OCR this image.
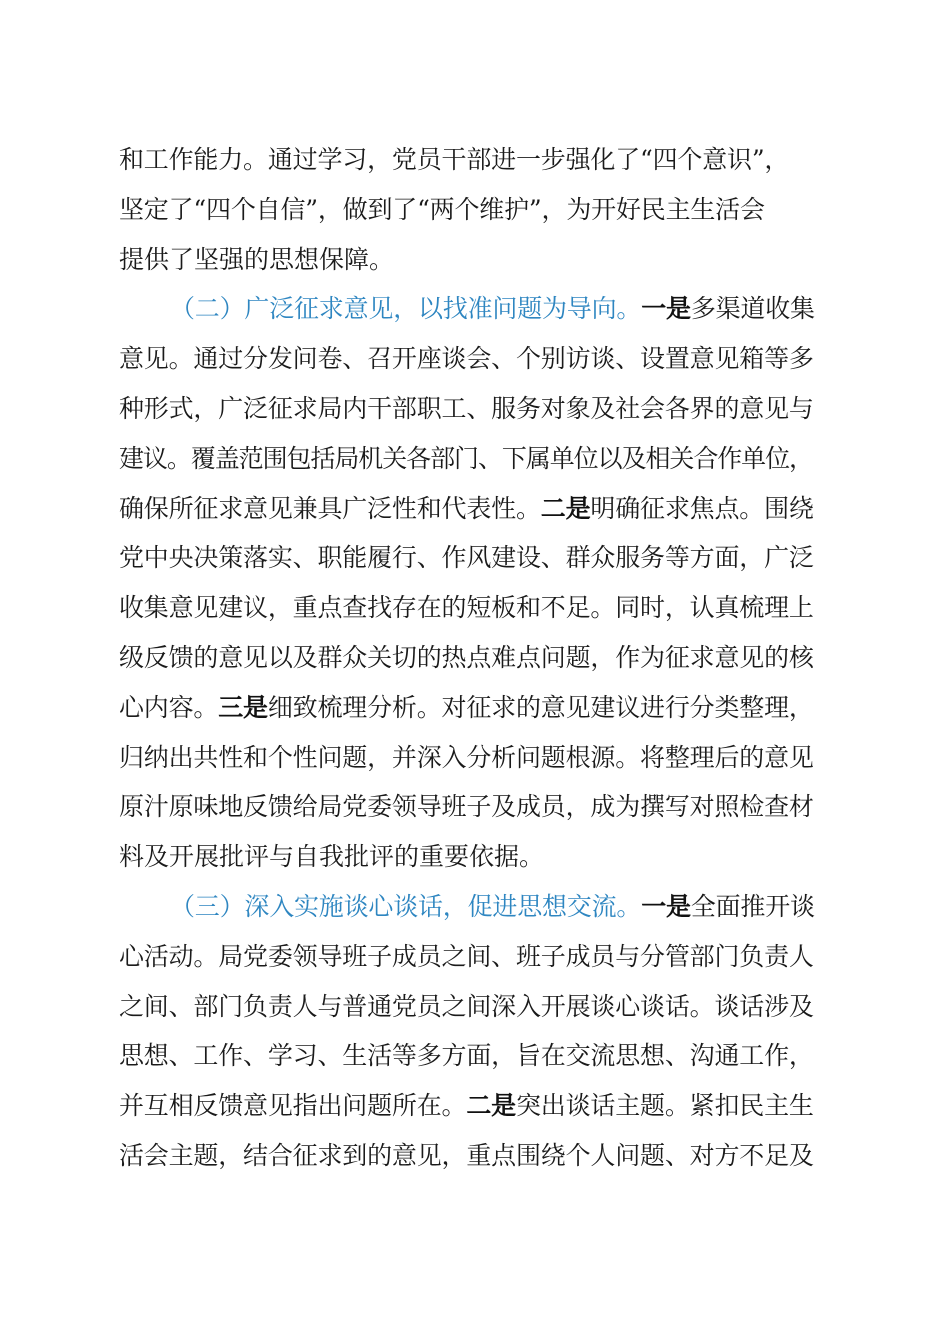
和工作能力。通过学习，党员干部进一步强化了“四个意识”，
坚定了“四个自信”，做到了“两个维护”，为开好民主生活会
提供了坚强的思想保障。
（二）广泛征求意见，以找准问题为导向。一是多渠道收集
意见。通过分发问卷、召开座谈会、个别访谈、设置意见箱等多
种形式，广泛征求局内干部职工、服务对象及社会各界的意见与
建议。覆盖范围包括局机关各部门、下属单位以及相关合作单位，
确保所征求意见兼具广泛性和代表性。二是明确征求焦点。围绕
党中央决策落实、职能履行、作风建设、群众服务等方面，广泛
收集意见建议，重点查找存在的短板和不足。同时，认真梳理上
级反馈的意见以及群众关切的热点难点问题，作为征求意见的核
心内容。三是细致梳理分析。对征求的意见建议进行分类整理，
归纳出共性和个性问题，并深入分析问题根源。将整理后的意见
原汁原味地反馈给局党委领导班子及成员，成为撰写对照检查材
料及开展批评与自我批评的重要依据。
（三）深入实施谈心谈话，促进思想交流。一是全面推开谈
心活动。局党委领导班子成员之间、班子成员与分管部门负责人
之间、部门负责人与普通党员之间深入开展谈心谈话。谈话涉及
思想、工作、学习、生活等多方面，旨在交流思想、沟通工作，
并互相反馈意见指出问题所在。二是突出谈话主题。紧扣民主生
活会主题，结合征求到的意见，重点围绕个人问题、对方不足及
